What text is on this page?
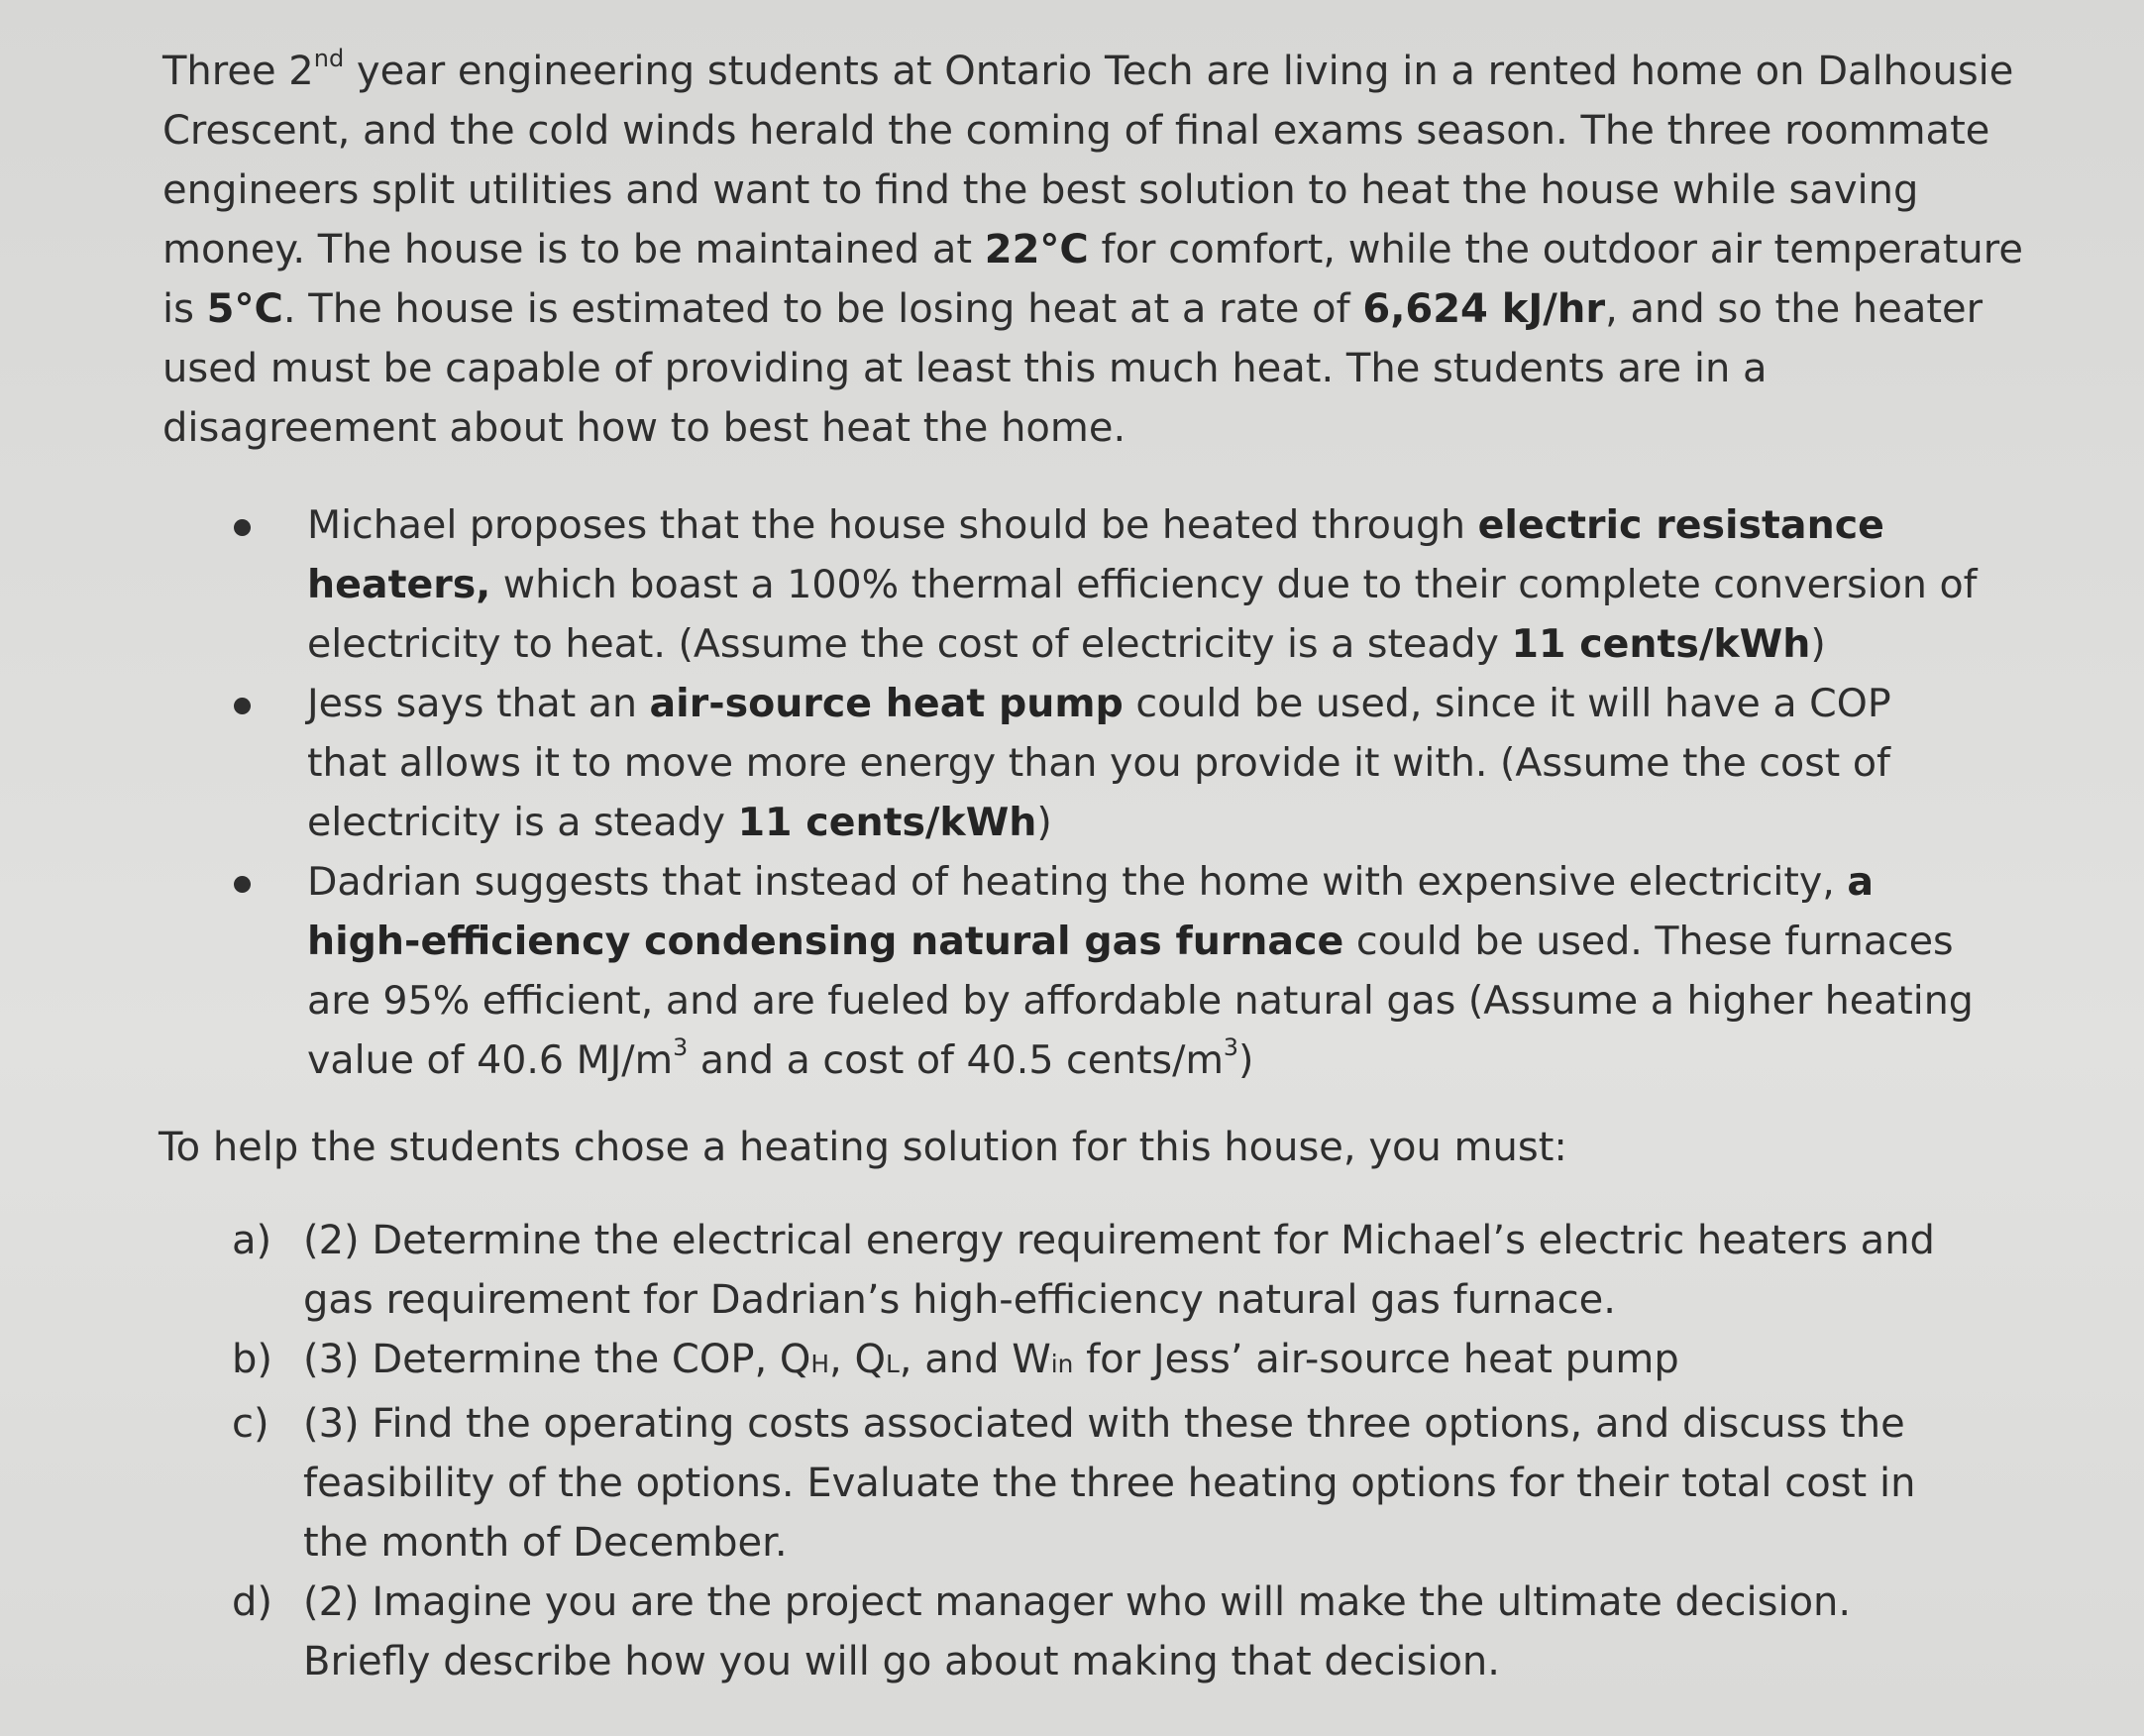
Three 2nd year engineering students at Ontario Tech are living in a rented home on Dalhousie Crescent, and the cold winds herald the coming of final exams season. The three roommate engineers split utilities and want to find the best solution to heat the house while saving money. The house is to be maintained at 22°C for comfort, while the outdoor air temperature is 5°C. The house is estimated to be losing heat at a rate of 6,624 kJ/hr, and so the heater used must be capable of providing at least this much heat. The students are in a disagreement about how to best heat the home.

Michael proposes that the house should be heated through electric resistance heaters, which boast a 100% thermal efficiency due to their complete conversion of electricity to heat. (Assume the cost of electricity is a steady 11 cents/kWh)
Jess says that an air-source heat pump could be used, since it will have a COP that allows it to move more energy than you provide it with. (Assume the cost of electricity is a steady 11 cents/kWh)
Dadrian suggests that instead of heating the home with expensive electricity, a high-efficiency condensing natural gas furnace could be used. These furnaces are 95% efficient, and are fueled by affordable natural gas (Assume a higher heating value of 40.6 $MJ/m^3$ and a cost of 40.5 cents/$m^3$)

To help the students chose a heating solution for this house, you must:

a) (2) Determine the electrical energy requirement for Michael’s electric heaters and gas requirement for Dadrian’s high-efficiency natural gas furnace.
b) (3) Determine the COP, QH, QL, and Win for Jess’ air-source heat pump
c) (3) Find the operating costs associated with these three options, and discuss the feasibility of the options. Evaluate the three heating options for their total cost in the month of December.
d) (2) Imagine you are the project manager who will make the ultimate decision. Briefly describe how you will go about making that decision.
